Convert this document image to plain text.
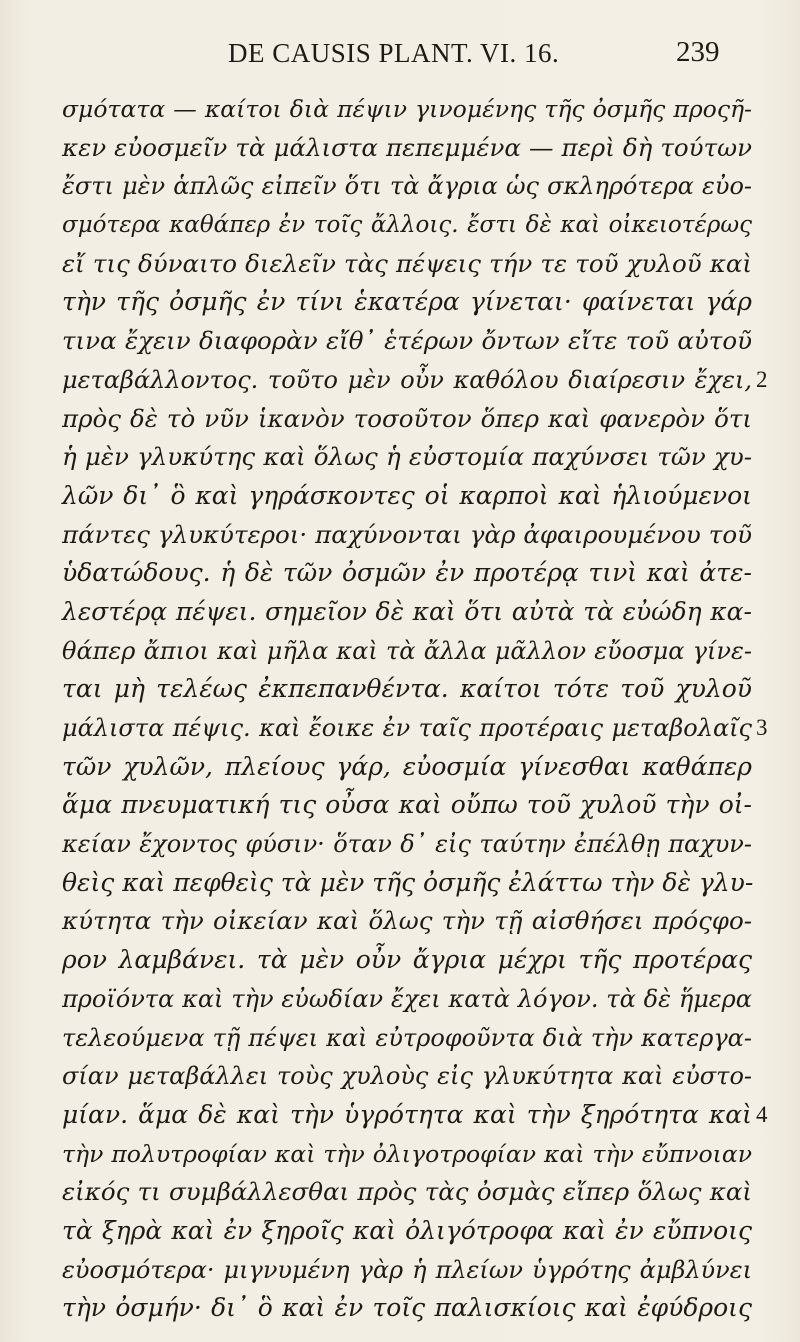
DE CAUSIS PLANT. VI. 16.	239
σμότατα — καίτοι διὰ πέψιν γινομένης τῆς ὀσμῆς προςῆ-
κεν εὐοσμεῖν τὰ μάλιστα πεπεμμένα — περὶ δὴ τούτων
ἔστι μὲν ἁπλῶς εἰπεῖν ὅτι τὰ ἄγρια ὡς σκληρότερα εὐο-
σμότερα καθάπερ ἐν τοῖς ἄλλοις. ἔστι δὲ καὶ οἰκειοτέρως
εἴ τις δύναιτο διελεῖν τὰς πέψεις τήν τε τοῦ χυλοῦ καὶ
τὴν τῆς ὀσμῆς ἐν τίνι ἑκατέρα γίνεται· φαίνεται γάρ
τινα ἔχειν διαφορὰν εἴθ᾽ ἑτέρων ὄντων εἴτε τοῦ αὐτοῦ
μεταβάλλοντος. τοῦτο μὲν οὖν καθόλου διαίρεσιν ἔχει,
πρὸς δὲ τὸ νῦν ἱκανὸν τοσοῦτον ὅπερ καὶ φανερὸν ὅτι
ἡ μὲν γλυκύτης καὶ ὅλως ἡ εὐστομία παχύνσει τῶν χυ-
λῶν δι᾽ ὃ καὶ γηράσκοντες οἱ καρποὶ καὶ ἡλιούμενοι
πάντες γλυκύτεροι· παχύνονται γὰρ ἀφαιρουμένου τοῦ
ὑδατώδους. ἡ δὲ τῶν ὀσμῶν ἐν προτέρᾳ τινὶ καὶ ἀτε-
λεστέρᾳ πέψει. σημεῖον δὲ καὶ ὅτι αὐτὰ τὰ εὐώδη κα-
θάπερ ἄπιοι καὶ μῆλα καὶ τὰ ἄλλα μᾶλλον εὔοσμα γίνε-
ται μὴ τελέως ἐκπεπανθέντα. καίτοι τότε τοῦ χυλοῦ
μάλιστα πέψις. καὶ ἔοικε ἐν ταῖς προτέραις μεταβολαῖς
τῶν χυλῶν, πλείους γάρ, εὐοσμία γίνεσθαι καθάπερ
ἅμα πνευματική τις οὖσα καὶ οὔπω τοῦ χυλοῦ τὴν οἰ-
κείαν ἔχοντος φύσιν· ὅταν δ᾽ εἰς ταύτην ἐπέλθῃ παχυν-
θεὶς καὶ πεφθεὶς τὰ μὲν τῆς ὀσμῆς ἐλάττω τὴν δὲ γλυ-
κύτητα τὴν οἰκείαν καὶ ὅλως τὴν τῇ αἰσθήσει πρόςφο-
ρον λαμβάνει. τὰ μὲν οὖν ἄγρια μέχρι τῆς προτέρας
προϊόντα καὶ τὴν εὐωδίαν ἔχει κατὰ λόγον. τὰ δὲ ἥμερα
τελεούμενα τῇ πέψει καὶ εὐτροφοῦντα διὰ τὴν κατεργα-
σίαν μεταβάλλει τοὺς χυλοὺς εἰς γλυκύτητα καὶ εὐστο-
μίαν. ἅμα δὲ καὶ τὴν ὑγρότητα καὶ τὴν ξηρότητα καὶ
τὴν πολυτροφίαν καὶ τὴν ὀλιγοτροφίαν καὶ τὴν εὔπνοιαν
εἰκός τι συμβάλλεσθαι πρὸς τὰς ὀσμὰς εἴπερ ὅλως καὶ
τὰ ξηρὰ καὶ ἐν ξηροῖς καὶ ὀλιγότροφα καὶ ἐν εὔπνοις
εὐοσμότερα· μιγνυμένη γὰρ ἡ πλείων ὑγρότης ἀμβλύνει
τὴν ὀσμήν· δι᾽ ὃ καὶ ἐν τοῖς παλισκίοις καὶ ἐφύδροις
2
3
4
